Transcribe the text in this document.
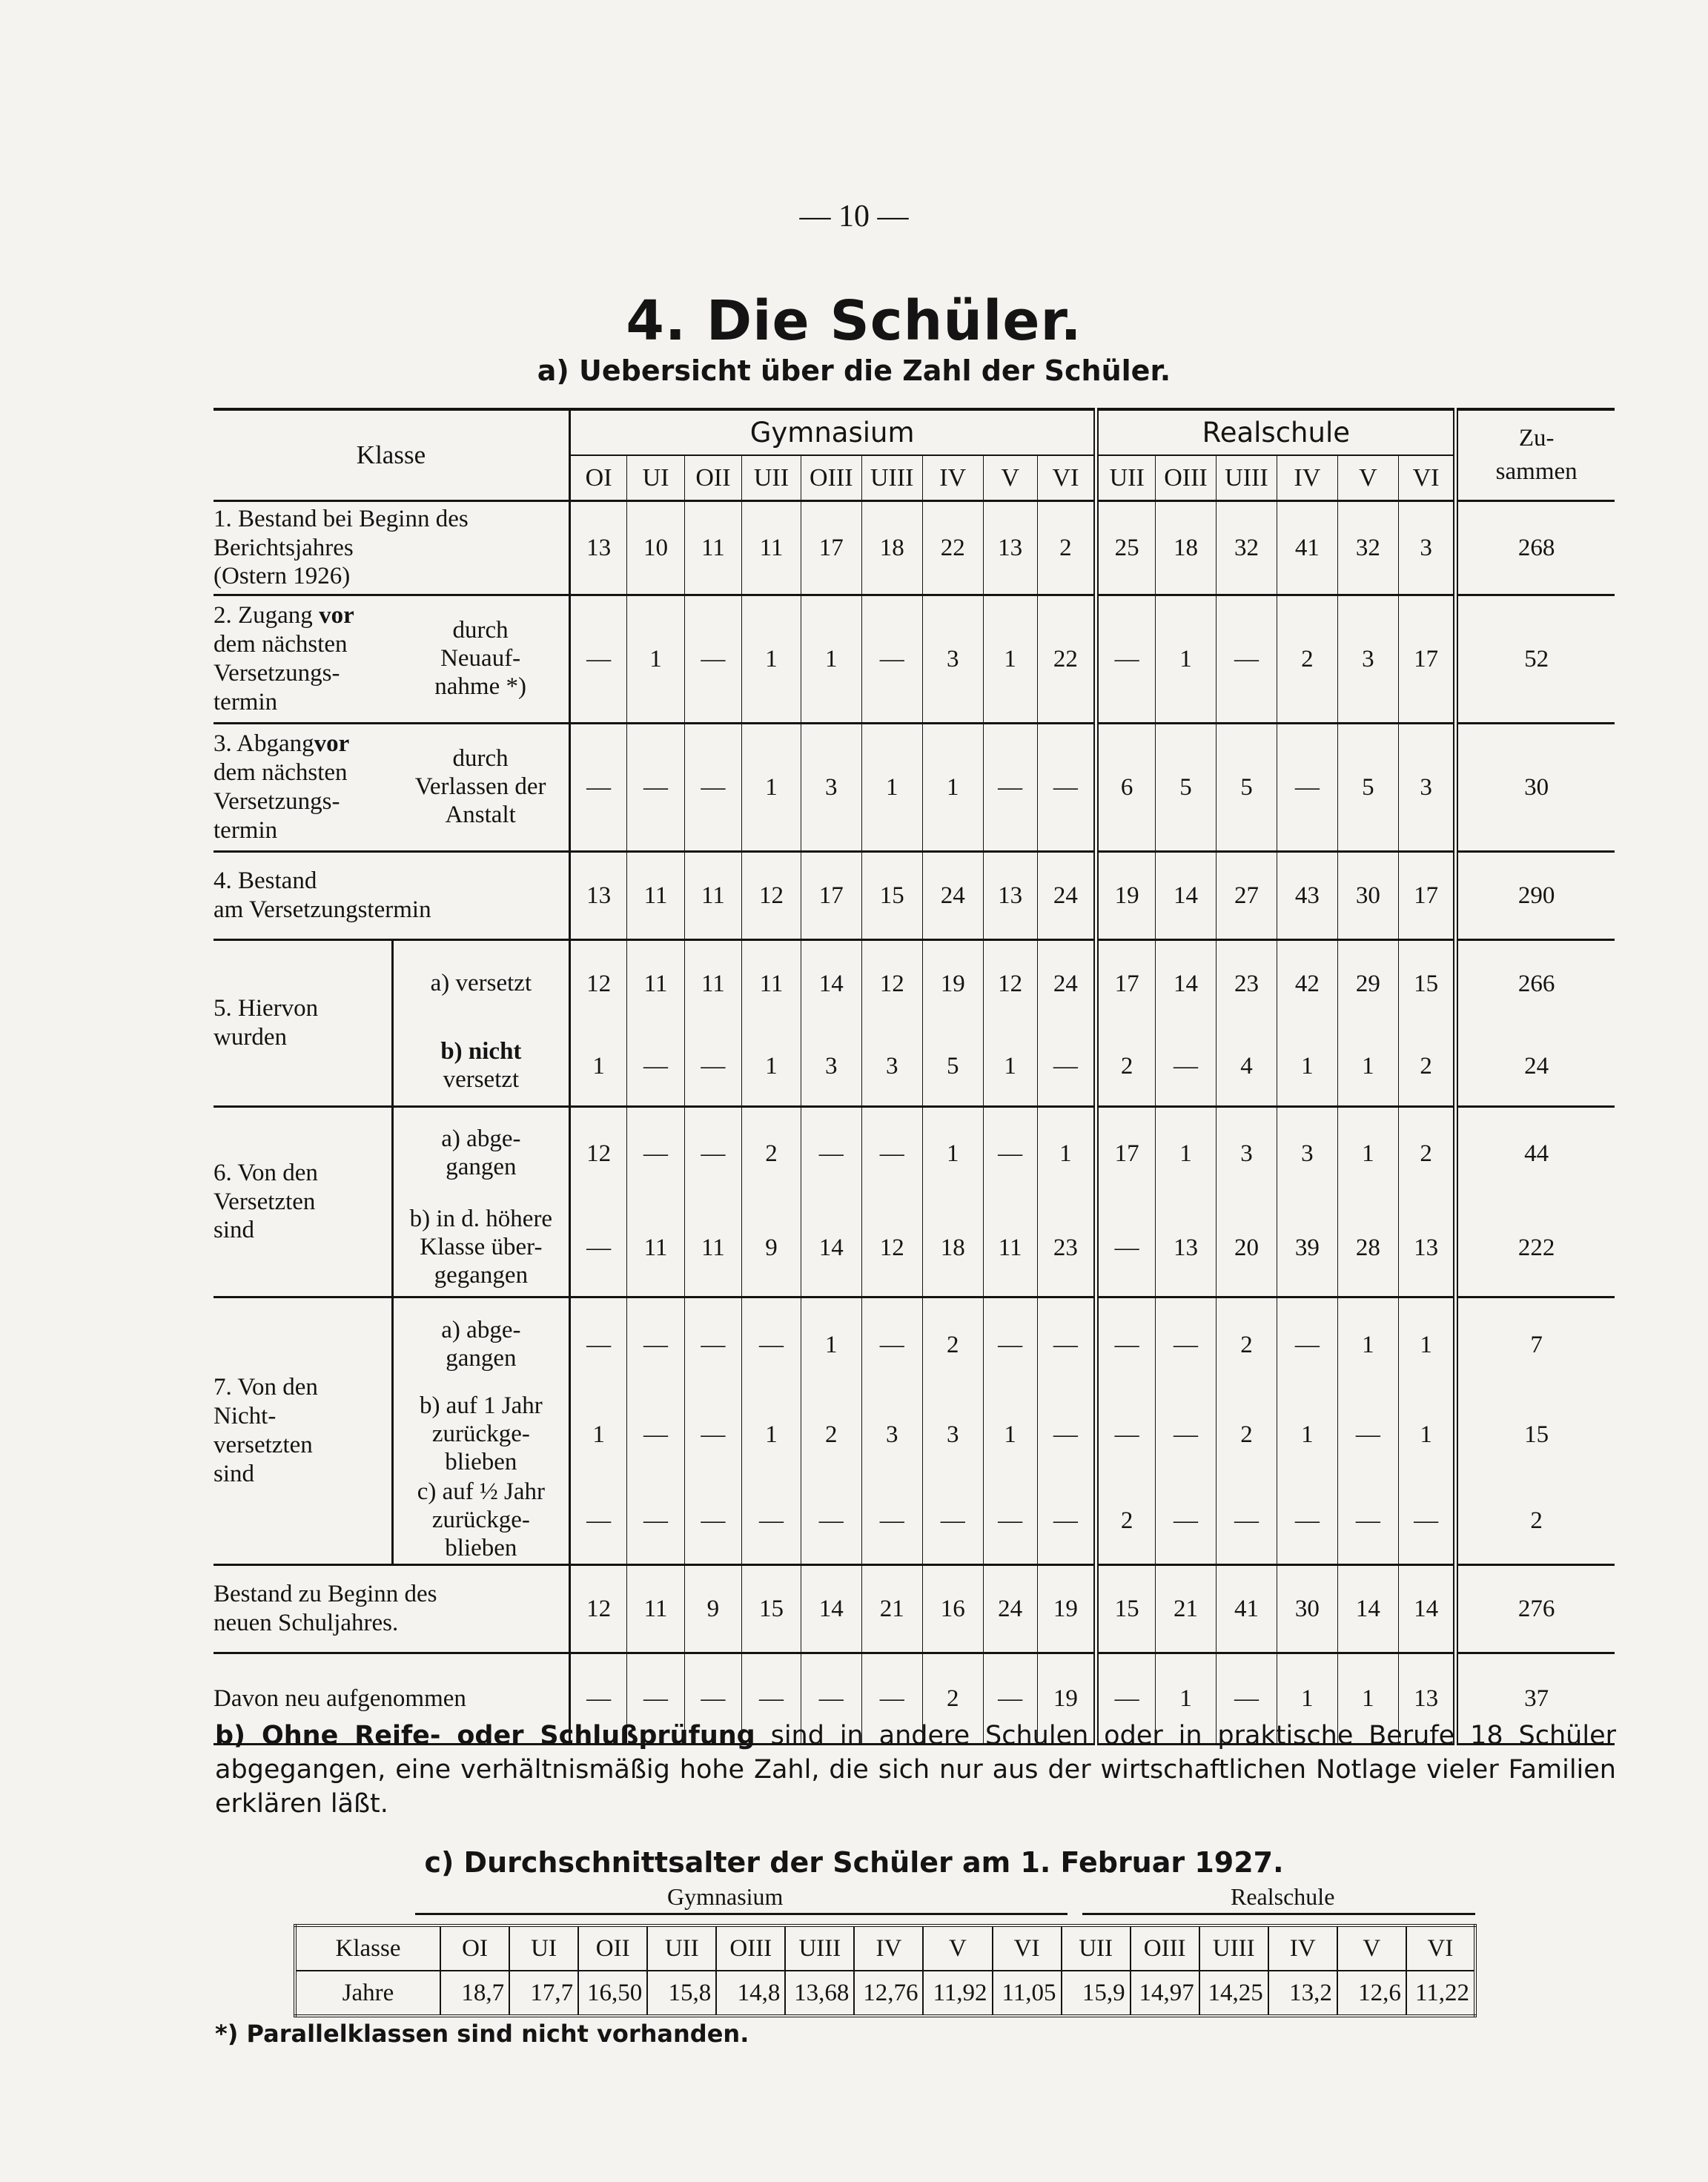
— 10 —
4. Die Schüler.
a) Uebersicht über die Zahl der Schüler.
Klasse		Gymnasium									Realschule						Zu-
sammen
		OI	UI	OII	UII	OIII	UIII	IV	V	VI	UII	OIII	UIII	IV	V	VI	
1. Bestand bei Beginn des
Berichtsjahres
(Ostern 1926)		13	10	11	11	17	18	22	13	2	25	18	32	41	32	3	268
2. Zugang vor
dem nächsten
Versetzungs-
termin	durch
Neuauf-
nahme *)	—	1	—	1	1	—	3	1	22	—	1	—	2	3	17	52
3. Abgangvor
dem nächsten
Versetzungs-
termin	durch
Verlassen der
Anstalt	—	—	—	1	3	1	1	—	—	6	5	5	—	5	3	30
4. Bestand
am Versetzungstermin		13	11	11	12	17	15	24	13	24	19	14	27	43	30	17	290
5. Hiervon
wurden	a) versetzt	12	11	11	11	14	12	19	12	24	17	14	23	42	29	15	266
	b) nicht
versetzt	1	—	—	1	3	3	5	1	—	2	—	4	1	1	2	24
6. Von den
Versetzten
sind	a) abge-
gangen	12	—	—	2	—	—	1	—	1	17	1	3	3	1	2	44
	b) in d. höhere
Klasse über-
gegangen	—	11	11	9	14	12	18	11	23	—	13	20	39	28	13	222
7. Von den
Nicht-
versetzten
sind	a) abge-
gangen	—	—	—	—	1	—	2	—	—	—	—	2	—	1	1	7
	b) auf 1 Jahr
zurückge-
blieben	1	—	—	1	2	3	3	1	—	—	—	2	1	—	1	15
	c) auf ½ Jahr
zurückge-
blieben	—	—	—	—	—	—	—	—	—	2	—	—	—	—	—	2
Bestand zu Beginn des
neuen Schuljahres.		12	11	9	15	14	21	16	24	19	15	21	41	30	14	14	276
Davon neu aufgenommen		—	—	—	—	—	—	2	—	19	—	1	—	1	1	13	37
b) Ohne Reife- oder Schlußprüfung sind in andere Schulen oder in praktische Berufe 18 Schüler abgegangen, eine verhältnismäßig hohe Zahl, die sich nur aus der wirtschaftlichen Notlage vieler Familien erklären läßt.
c) Durchschnittsalter der Schüler am 1. Februar 1927.
Gymnasium	Realschule
Klasse	OI	UI	OII	UII	OIII	UIII	IV	V	VI	UII	OIII	UIII	IV	V	VI
Jahre	18,7	17,7	16,50	15,8	14,8	13,68	12,76	11,92	11,05	15,9	14,97	14,25	13,2	12,6	11,22
*) Parallelklassen sind nicht vorhanden.
